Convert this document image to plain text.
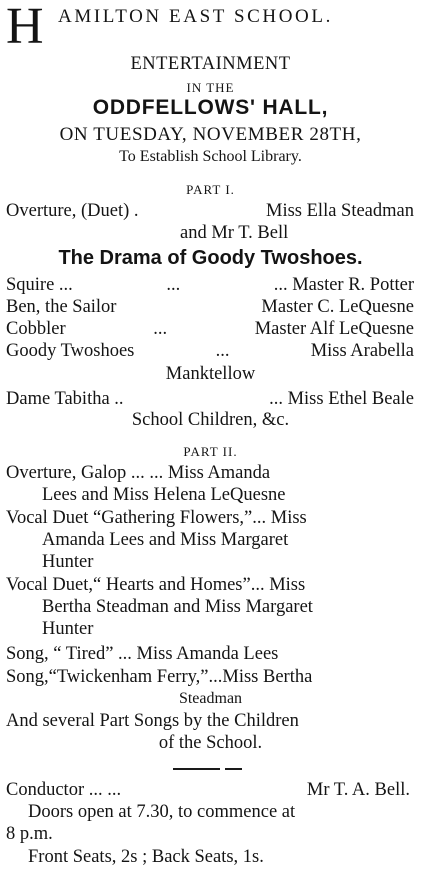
H AMILTON EAST SCHOOL.
ENTERTAINMENT
IN THE
ODDFELLOWS' HALL,
ON TUESDAY, NOVEMBER 28TH,
To Establish School Library.
PART I.
Overture, (Duet) .	Miss Ella Steadman
and Mr T. Bell
The Drama of Goody Twoshoes.
Squire ...	...	... Master R. Potter
Ben, the Sailor	Master C. LeQuesne
Cobbler	...	Master Alf LeQuesne
Goody Twoshoes	...	Miss Arabella
Manktellow
Dame Tabitha ..	... Miss Ethel Beale
School Children, &c.
PART II.
Overture, Galop ... ... Miss Amanda
Lees and Miss Helena LeQuesne
Vocal Duet “Gathering Flowers,”... Miss
Amanda Lees and Miss Margaret
Hunter
Vocal Duet,“ Hearts and Homes”... Miss
Bertha Steadman and Miss Margaret
Hunter
Song, “ Tired” ... Miss Amanda Lees
Song,“Twickenham Ferry,”...Miss Bertha
Steadman
And several Part Songs by the Children
of the School.
Conductor ... ...	Mr T. A. Bell.
Doors open at 7.30, to commence at
8 p.m.
Front Seats, 2s ; Back Seats, 1s.
